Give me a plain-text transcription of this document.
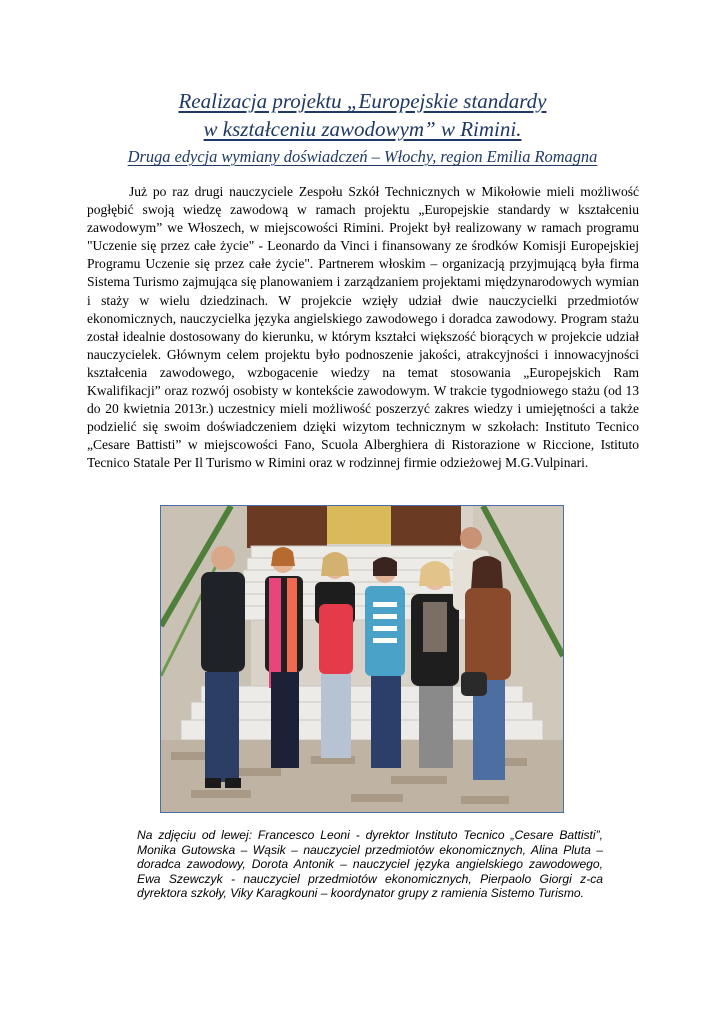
Realizacja projektu „Europejskie standardy
w kształceniu zawodowym” w Rimini.
Druga edycja wymiany doświadczeń – Włochy, region Emilia Romagna

Już po raz drugi nauczyciele Zespołu Szkół Technicznych w Mikołowie mieli możliwość pogłębić swoją wiedzę zawodową w ramach projektu „Europejskie standardy w kształceniu zawodowym” we Włoszech, w miejscowości Rimini. Projekt był realizowany w ramach programu "Uczenie się przez całe życie" - Leonardo da Vinci i finansowany ze środków Komisji Europejskiej Programu Uczenie się przez całe życie". Partnerem włoskim – organizacją przyjmującą była firma Sistema Turismo zajmująca się planowaniem i zarządzaniem projektami międzynarodowych wymian i staży w wielu dziedzinach. W projekcie wzięły udział dwie nauczycielki przedmiotów ekonomicznych, nauczycielka języka angielskiego zawodowego i doradca zawodowy. Program stażu został idealnie dostosowany do kierunku, w którym kształci większość biorących w projekcie udział nauczycielek. Głównym celem projektu było podnoszenie jakości, atrakcyjności i innowacyjności kształcenia zawodowego, wzbogacenie wiedzy na temat stosowania „Europejskich Ram Kwalifikacji” oraz rozwój osobisty w kontekście zawodowym. W trakcie tygodniowego stażu (od 13 do 20 kwietnia 2013r.) uczestnicy mieli możliwość poszerzyć zakres wiedzy i umiejętności a także podzielić się swoim doświadczeniem dzięki wizytom technicznym w szkołach: Instituto Tecnico „Cesare Battisti” w miejscowości Fano, Scuola Alberghiera di Ristorazione w Riccione, Istituto Tecnico Statale Per Il Turismo w Rimini oraz w rodzinnej firmie odzieżowej M.G.Vulpinari.

Na zdjęciu od lewej: Francesco Leoni - dyrektor Instituto Tecnico „Cesare Battisti”, Monika Gutowska – Wąsik – nauczyciel przedmiotów ekonomicznych, Alina Pluta – doradca zawodowy, Dorota Antonik – nauczyciel języka angielskiego zawodowego, Ewa Szewczyk - nauczyciel przedmiotów ekonomicznych, Pierpaolo Giorgi z-ca dyrektora szkoły, Viky Karagkouni – koordynator grupy z ramienia Sistemo Turismo.
